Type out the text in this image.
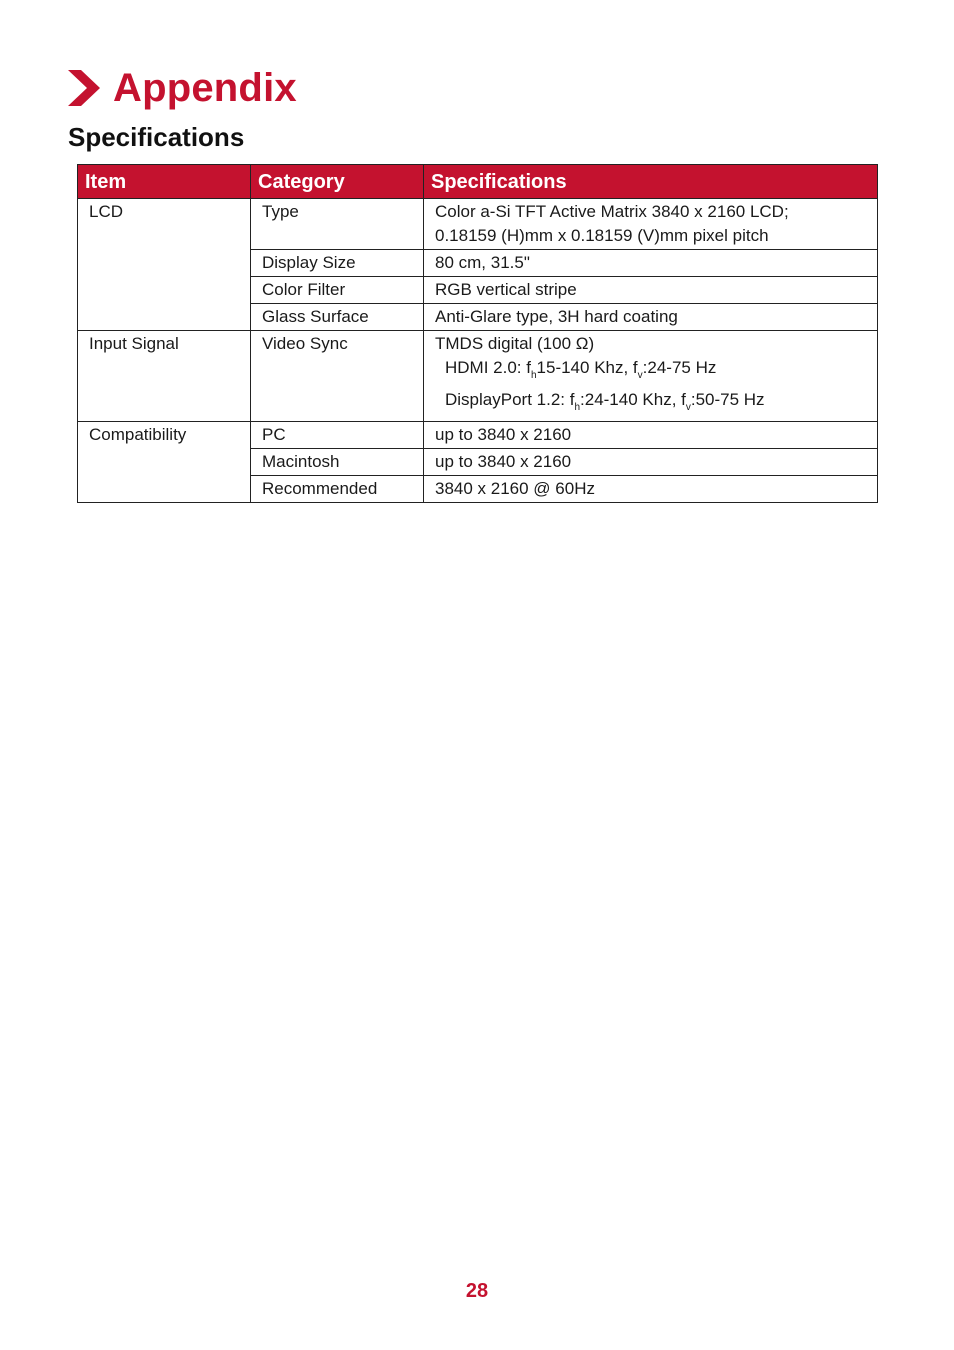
Appendix
Specifications
Item	Category	Specifications
LCD	Type	Color a-Si TFT Active Matrix 3840 x 2160 LCD;
0.18159 (H)mm x 0.18159 (V)mm pixel pitch

	Display Size	80 cm, 31.5"
	Color Filter	RGB vertical stripe
	Glass Surface	Anti-Glare type, 3H hard coating
Input Signal	Video Sync	TMDS digital (100 Ω)
HDMI 2.0: $f_h15-140$ Khz, $f_v:24-75$ Hz
DisplayPort 1.2: $f_h:24-140$ Khz, $f_v:50-75$ Hz

Compatibility	PC	up to 3840 x 2160
	Macintosh	up to 3840 x 2160
	Recommended	3840 x 2160 @ 60Hz
28
